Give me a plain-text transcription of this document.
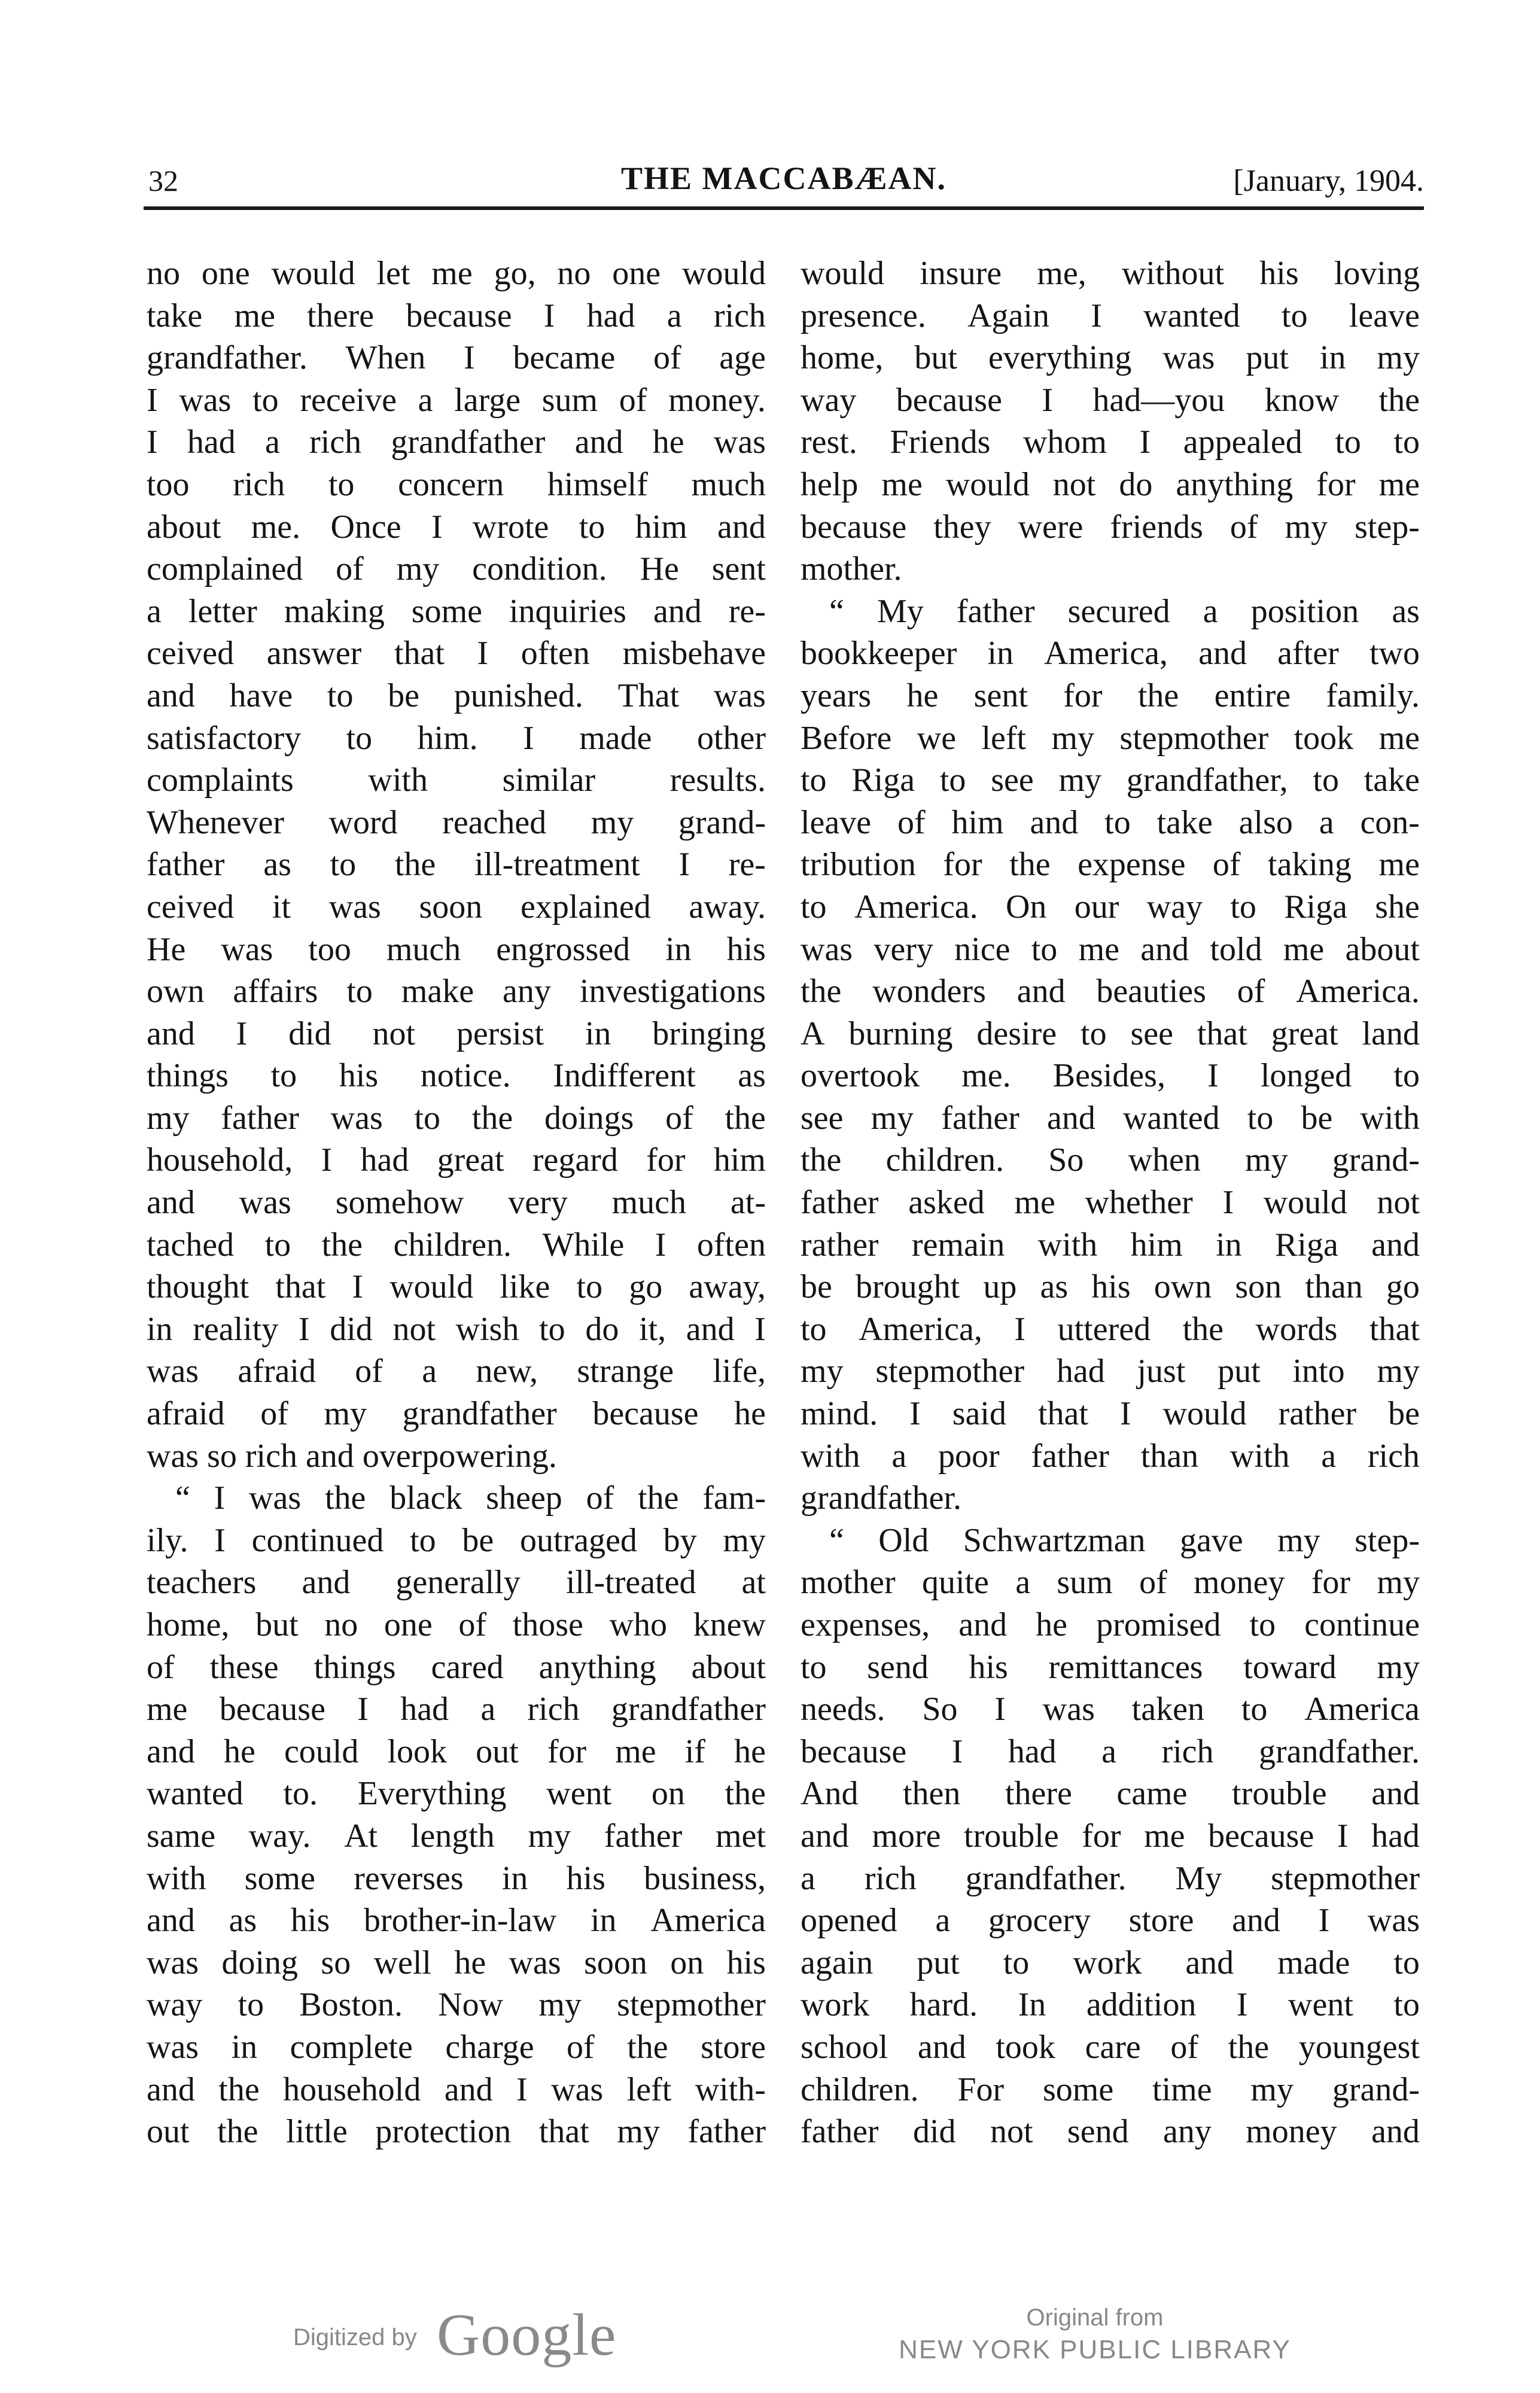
32	THE MACCABÆAN.	[January, 1904.
no one would let me go, no one would
take me there because I had a rich
grandfather. When I became of age
I was to receive a large sum of money.
I had a rich grandfather and he was
too rich to concern himself much
about me. Once I wrote to him and
complained of my condition. He sent
a letter making some inquiries and re-
ceived answer that I often misbehave
and have to be punished. That was
satisfactory to him. I made other
complaints with similar results.
Whenever word reached my grand-
father as to the ill-treatment I re-
ceived it was soon explained away.
He was too much engrossed in his
own affairs to make any investigations
and I did not persist in bringing
things to his notice. Indifferent as
my father was to the doings of the
household, I had great regard for him
and was somehow very much at-
tached to the children. While I often
thought that I would like to go away,
in reality I did not wish to do it, and I
was afraid of a new, strange life,
afraid of my grandfather because he
was so rich and overpowering.
“ I was the black sheep of the fam-
ily. I continued to be outraged by my
teachers and generally ill-treated at
home, but no one of those who knew
of these things cared anything about
me because I had a rich grandfather
and he could look out for me if he
wanted to. Everything went on the
same way. At length my father met
with some reverses in his business,
and as his brother-in-law in America
was doing so well he was soon on his
way to Boston. Now my stepmother
was in complete charge of the store
and the household and I was left with-
out the little protection that my father
would insure me, without his loving
presence. Again I wanted to leave
home, but everything was put in my
way because I had—you know the
rest. Friends whom I appealed to to
help me would not do anything for me
because they were friends of my step-
mother.
“ My father secured a position as
bookkeeper in America, and after two
years he sent for the entire family.
Before we left my stepmother took me
to Riga to see my grandfather, to take
leave of him and to take also a con-
tribution for the expense of taking me
to America. On our way to Riga she
was very nice to me and told me about
the wonders and beauties of America.
A burning desire to see that great land
overtook me. Besides, I longed to
see my father and wanted to be with
the children. So when my grand-
father asked me whether I would not
rather remain with him in Riga and
be brought up as his own son than go
to America, I uttered the words that
my stepmother had just put into my
mind. I said that I would rather be
with a poor father than with a rich
grandfather.
“ Old Schwartzman gave my step-
mother quite a sum of money for my
expenses, and he promised to continue
to send his remittances toward my
needs. So I was taken to America
because I had a rich grandfather.
And then there came trouble and
and more trouble for me because I had
a rich grandfather. My stepmother
opened a grocery store and I was
again put to work and made to
work hard. In addition I went to
school and took care of the youngest
children. For some time my grand-
father did not send any money and
Digitized by Google	Original from
NEW YORK PUBLIC LIBRARY
